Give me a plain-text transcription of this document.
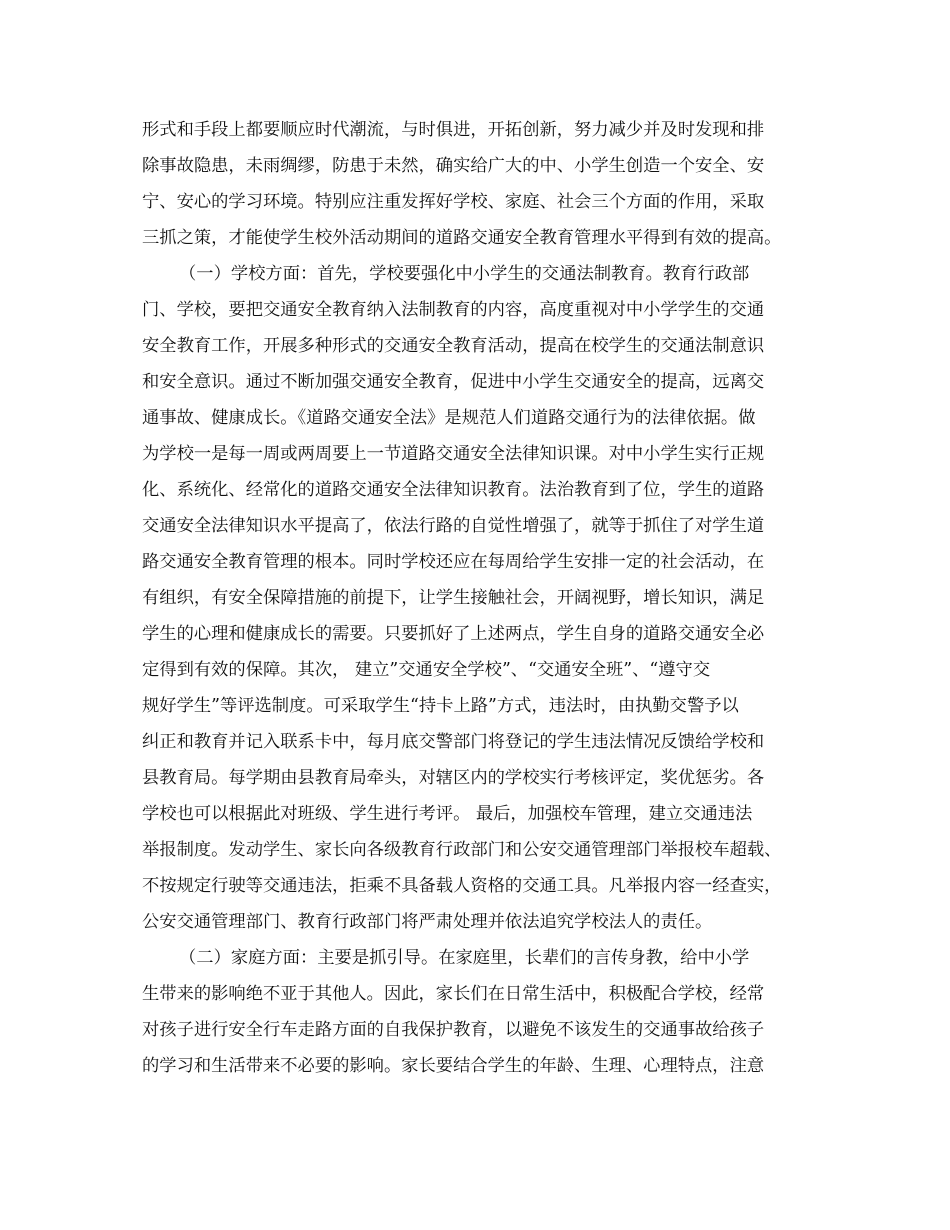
形式和手段上都要顺应时代潮流，与时俱进，开拓创新，努力减少并及时发现和排
除事故隐患，未雨绸缪，防患于未然，确实给广大的中、小学生创造一个安全、安
宁、安心的学习环境。特别应注重发挥好学校、家庭、社会三个方面的作用，采取
三抓之策，才能使学生校外活动期间的道路交通安全教育管理水平得到有效的提高。
（一）学校方面：首先，学校要强化中小学生的交通法制教育。教育行政部
门、学校，要把交通安全教育纳入法制教育的内容，高度重视对中小学学生的交通
安全教育工作，开展多种形式的交通安全教育活动，提高在校学生的交通法制意识
和安全意识。通过不断加强交通安全教育，促进中小学生交通安全的提高，远离交
通事故、健康成长。《道路交通安全法》是规范人们道路交通行为的法律依据。做
为学校一是每一周或两周要上一节道路交通安全法律知识课。对中小学生实行正规
化、系统化、经常化的道路交通安全法律知识教育。法治教育到了位，学生的道路
交通安全法律知识水平提高了，依法行路的自觉性增强了，就等于抓住了对学生道
路交通安全教育管理的根本。同时学校还应在每周给学生安排一定的社会活动，在
有组织，有安全保障措施的前提下，让学生接触社会，开阔视野，增长知识，满足
学生的心理和健康成长的需要。只要抓好了上述两点，学生自身的道路交通安全必
定得到有效的保障。其次， 建立”交通安全学校”、“交通安全班”、“遵守交
规好学生”等评选制度。可采取学生“持卡上路”方式，违法时，由执勤交警予以
纠正和教育并记入联系卡中，每月底交警部门将登记的学生违法情况反馈给学校和
县教育局。每学期由县教育局牵头，对辖区内的学校实行考核评定，奖优惩劣。各
学校也可以根据此对班级、学生进行考评。 最后，加强校车管理，建立交通违法
举报制度。发动学生、家长向各级教育行政部门和公安交通管理部门举报校车超载、
不按规定行驶等交通违法，拒乘不具备载人资格的交通工具。凡举报内容一经查实，
公安交通管理部门、教育行政部门将严肃处理并依法追究学校法人的责任。
（二）家庭方面：主要是抓引导。在家庭里，长辈们的言传身教，给中小学
生带来的影响绝不亚于其他人。因此，家长们在日常生活中，积极配合学校，经常
对孩子进行安全行车走路方面的自我保护教育，以避免不该发生的交通事故给孩子
的学习和生活带来不必要的影响。家长要结合学生的年龄、生理、心理特点，注意
